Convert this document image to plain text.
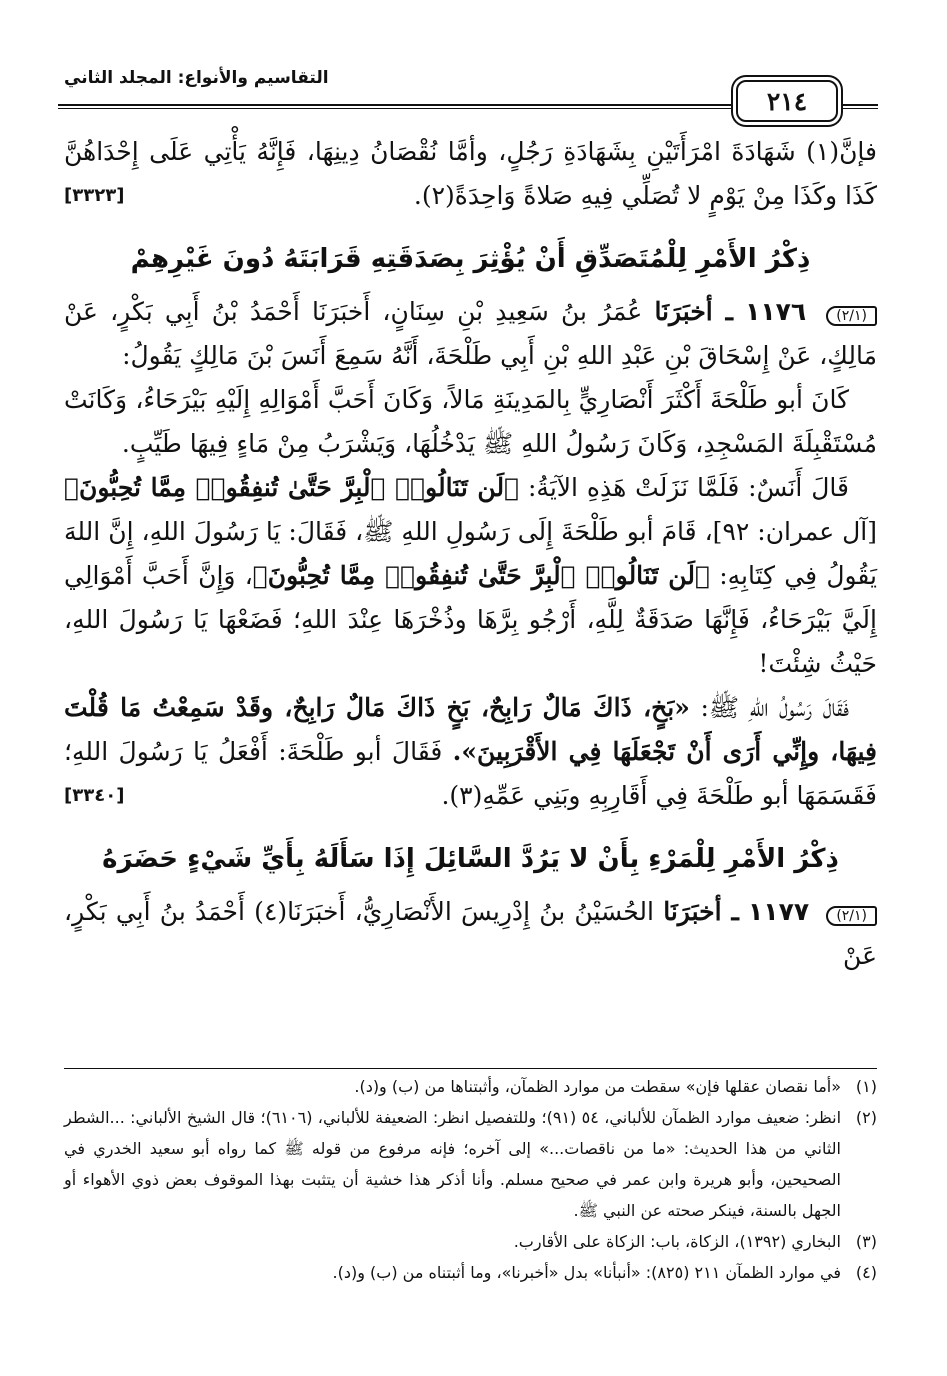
٢١٤
التقاسيم والأنواع: المجلد الثاني

فإنَّ(١) شَهَادَةَ امْرَأَتَيْنِ بِشَهَادَةِ رَجُلٍ، وأمَّا نُقْصَانُ دِينِهَا، فَإِنَّهُ يَأْتِي عَلَى إِحْدَاهُنَّ كَذَا وكَذَا مِنْ يَوْمٍ لا تُصَلِّي فِيهِ صَلاةً وَاحِدَةً(٢).
[٣٣٢٣]

ذِكْرُ الأَمْرِ لِلْمُتَصَدِّقِ أَنْ يُؤْثِرَ بِصَدَقَتِهِ قَرَابَتَهُ دُونَ غَيْرِهِمْ

(٢/١) ١١٧٦ ـ أخبَرَنَا عُمَرُ بنُ سَعِيدِ بْنِ سِنَانٍ، أَخبَرَنَا أَحْمَدُ بْنُ أَبِي بَكْرٍ، عَنْ مَالِكٍ، عَنْ إِسْحَاقَ بْنِ عَبْدِ اللهِ بْنِ أَبِي طَلْحَةَ، أَنَّهُ سَمِعَ أَنَسَ بْنَ مَالِكٍ يَقُولُ:

كَانَ أبو طَلْحَةَ أَكْثَرَ أَنْصَارِيٍّ بِالمَدِينَةِ مَالاً، وَكَانَ أَحَبَّ أَمْوَالِهِ إِلَيْهِ بَيْرَحَاءُ، وَكَانَتْ مُسْتَقْبِلَةَ المَسْجِدِ، وَكَانَ رَسُولُ اللهِ ﷺ يَدْخُلُهَا، وَيَشْرَبُ مِنْ مَاءٍ فِيهَا طَيِّبٍ.

قَالَ أَنَسٌ: فَلَمَّا نَزَلَتْ هَذِهِ الآيَةُ: ﴿لَن تَنَالُوا۟ ٱلْبِرَّ حَتَّىٰ تُنفِقُوا۟ مِمَّا تُحِبُّونَ﴾ [آل عمران: ٩٢]، قَامَ أبو طَلْحَةَ إِلَى رَسُولِ اللهِ ﷺ، فَقَالَ: يَا رَسُولَ اللهِ، إِنَّ اللهَ يَقُولُ فِي كِتَابِهِ: ﴿لَن تَنَالُوا۟ ٱلْبِرَّ حَتَّىٰ تُنفِقُوا۟ مِمَّا تُحِبُّونَ﴾، وَإِنَّ أَحَبَّ أَمْوَالِي إِلَيَّ بَيْرَحَاءُ، فَإِنَّهَا صَدَقَةٌ لِلَّهِ، أَرْجُو بِرَّهَا وذُخْرَهَا عِنْدَ اللهِ؛ فَضَعْهَا يَا رَسُولَ اللهِ، حَيْثُ شِئْتَ!

فَقَالَ رَسُولُ اللهِ ﷺ: «بَخٍ، ذَاكَ مَالٌ رَابِحٌ، بَخٍ ذَاكَ مَالٌ رَابِحٌ، وقَدْ سَمِعْتُ مَا قُلْتَ فِيهَا، وإِنِّي أَرَى أَنْ تَجْعَلَهَا فِي الأَقْرَبِينَ». فَقَالَ أبو طَلْحَةَ: أَفْعَلُ يَا رَسُولَ اللهِ؛ فَقَسَمَهَا أبو طَلْحَةَ فِي أَقَارِبِهِ وبَنِي عَمِّهِ(٣).
[٣٣٤٠]

ذِكْرُ الأَمْرِ لِلْمَرْءِ بِأَنْ لا يَرُدَّ السَّائِلَ إِذَا سَأَلَهُ بِأَيِّ شَيْءٍ حَضَرَهُ

(٢/١) ١١٧٧ ـ أخبَرَنَا الحُسَيْنُ بنُ إِدْرِيسَ الأَنْصَارِيُّ، أَخبَرَنَا(٤) أَحْمَدُ بنُ أَبِي بَكْرٍ، عَنْ

(١)
«أما نقصان عقلها فإن» سقطت من موارد الظمآن، وأثبتناها من (ب) و(د).
(٢)
انظر: ضعيف موارد الظمآن للألباني، ٥٤ (٩١)؛ وللتفصيل انظر: الضعيفة للألباني، (٦١٠٦)؛ قال الشيخ الألباني: ...الشطر الثاني من هذا الحديث: «ما من ناقصات...» إلى آخره؛ فإنه مرفوع من قوله ﷺ كما رواه أبو سعيد الخدري في الصحيحين، وأبو هريرة وابن عمر في صحيح مسلم. وأنا أذكر هذا خشية أن يتثبت بهذا الموقوف بعض ذوي الأهواء أو الجهل بالسنة، فينكر صحته عن النبي ﷺ.
(٣)
البخاري (١٣٩٢)، الزكاة، باب: الزكاة على الأقارب.
(٤)
في موارد الظمآن ٢١١ (٨٢٥): «أنبأنا» بدل «أخبرنا»، وما أثبتناه من (ب) و(د).
